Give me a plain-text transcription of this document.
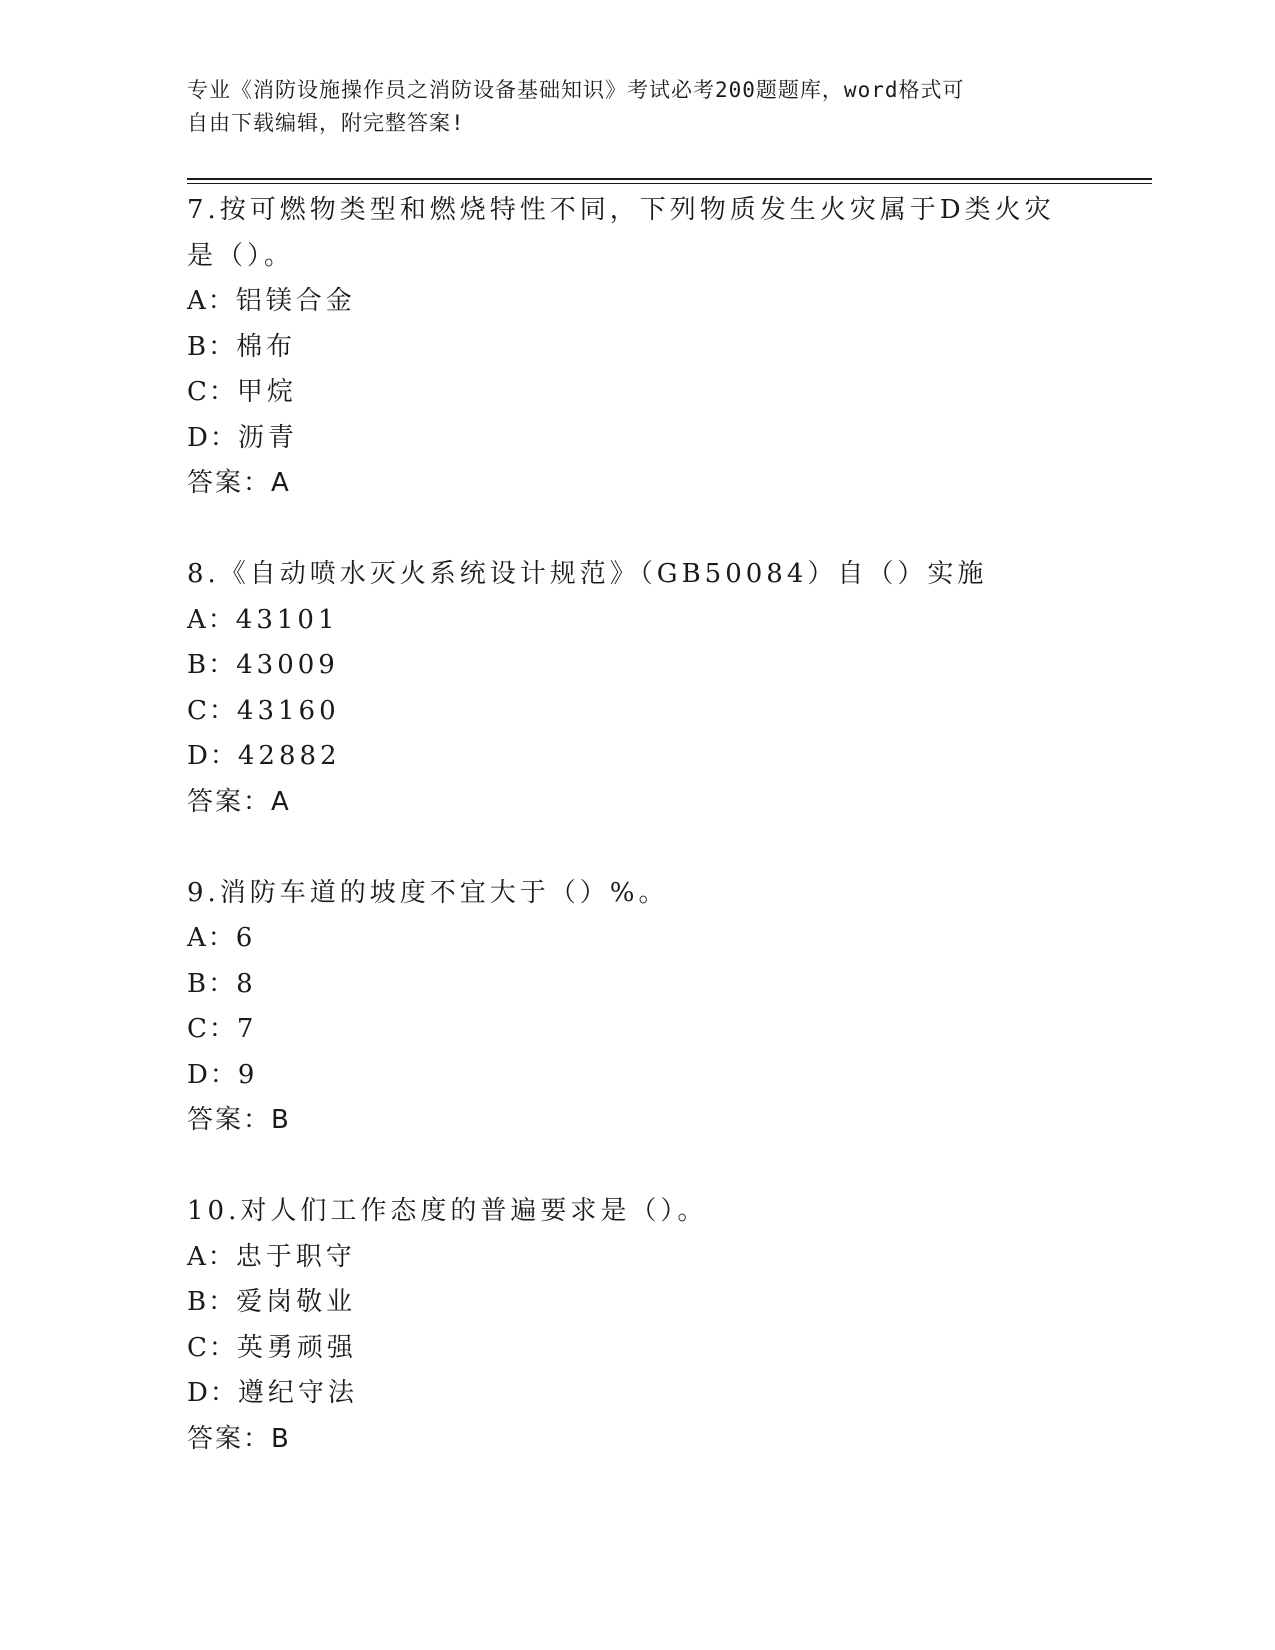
专业《消防设施操作员之消防设备基础知识》考试必考200题题库，word格式可

自由下载编辑，附完整答案!

7.按可燃物类型和燃烧特性不同，下列物质发生火灾属于D类火灾是（）。
A：铝镁合金
B：棉布
C：甲烷
D：沥青
答案：A
8.《自动喷水灭火系统设计规范》（GB50084）自（）实施
A：43101
B：43009
C：43160
D：42882
答案：A
9.消防车道的坡度不宜大于（）%。
A：6
B：8
C：7
D：9
答案：B
10.对人们工作态度的普遍要求是（）。
A：忠于职守
B：爱岗敬业
C：英勇顽强
D：遵纪守法
答案：B
